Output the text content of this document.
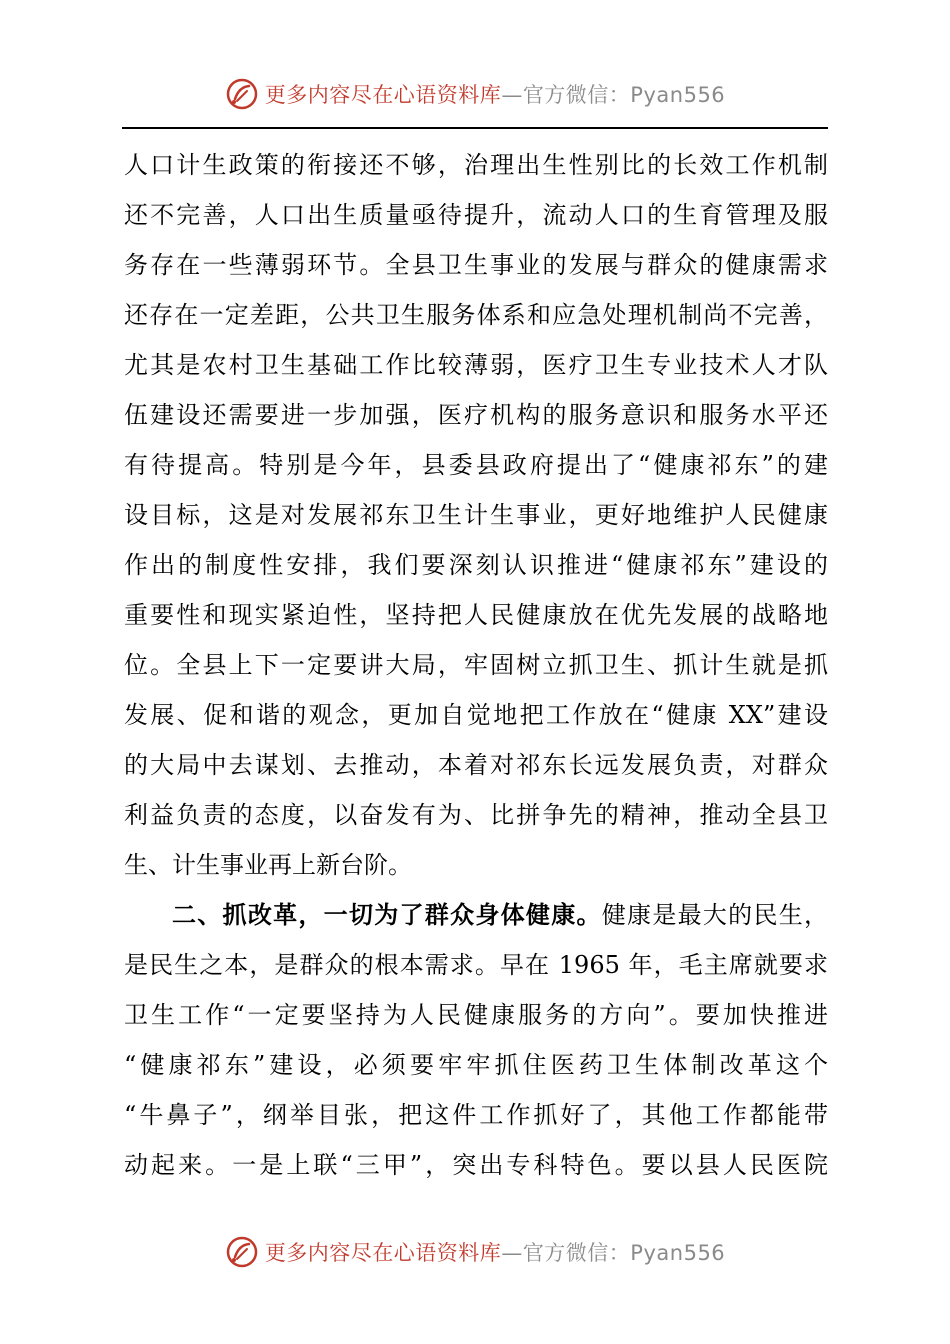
更多内容尽在心语资料库—官方微信：Pyan556
人口计生政策的衔接还不够，治理出生性别比的长效工作机制
还不完善，人口出生质量亟待提升，流动人口的生育管理及服
务存在一些薄弱环节。全县卫生事业的发展与群众的健康需求
还存在一定差距，公共卫生服务体系和应急处理机制尚不完善，
尤其是农村卫生基础工作比较薄弱，医疗卫生专业技术人才队
伍建设还需要进一步加强，医疗机构的服务意识和服务水平还
有待提高。特别是今年，县委县政府提出了“健康祁东”的建
设目标，这是对发展祁东卫生计生事业，更好地维护人民健康
作出的制度性安排，我们要深刻认识推进“健康祁东”建设的
重要性和现实紧迫性，坚持把人民健康放在优先发展的战略地
位。全县上下一定要讲大局，牢固树立抓卫生、抓计生就是抓
发展、促和谐的观念，更加自觉地把工作放在“健康 XX”建设
的大局中去谋划、去推动，本着对祁东长远发展负责，对群众
利益负责的态度，以奋发有为、比拼争先的精神，推动全县卫
生、计生事业再上新台阶。
二、抓改革，一切为了群众身体健康。健康是最大的民生，
是民生之本，是群众的根本需求。早在 1965 年，毛主席就要求
卫生工作“一定要坚持为人民健康服务的方向”。要加快推进
“健康祁东”建设，必须要牢牢抓住医药卫生体制改革这个
“牛鼻子”，纲举目张，把这件工作抓好了，其他工作都能带
动起来。一是上联“三甲”，突出专科特色。要以县人民医院
更多内容尽在心语资料库—官方微信：Pyan556
